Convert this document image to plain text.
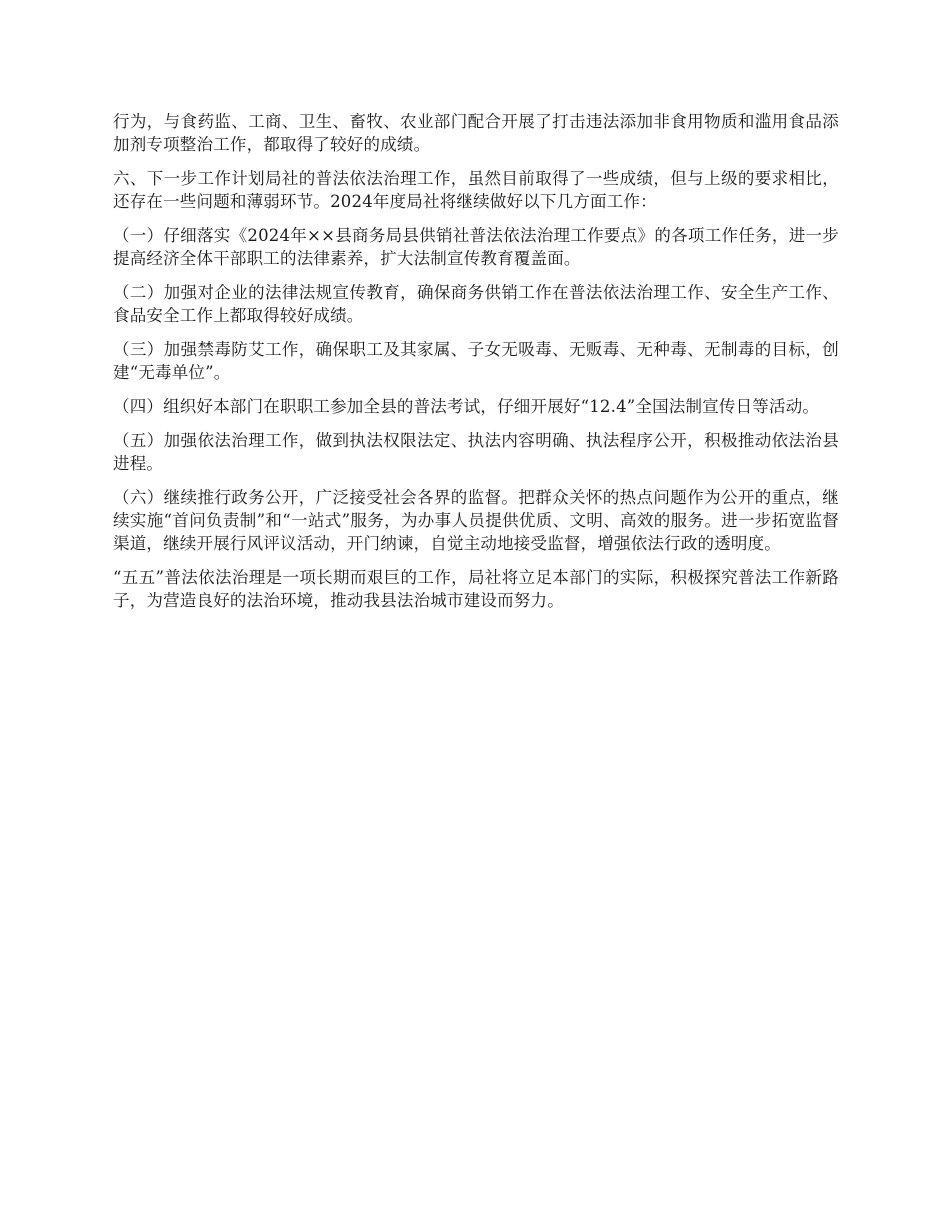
行为，与食药监、工商、卫生、畜牧、农业部门配合开展了打击违法添加非食用物质和滥用食品添加剂专项整治工作，都取得了较好的成绩。

六、下一步工作计划局社的普法依法治理工作，虽然目前取得了一些成绩，但与上级的要求相比，还存在一些问题和薄弱环节。2024年度局社将继续做好以下几方面工作：

（一）仔细落实《2024年××县商务局县供销社普法依法治理工作要点》的各项工作任务，进一步提高经济全体干部职工的法律素养，扩大法制宣传教育覆盖面。

（二）加强对企业的法律法规宣传教育，确保商务供销工作在普法依法治理工作、安全生产工作、食品安全工作上都取得较好成绩。

（三）加强禁毒防艾工作，确保职工及其家属、子女无吸毒、无贩毒、无种毒、无制毒的目标，创建“无毒单位”。

（四）组织好本部门在职职工参加全县的普法考试，仔细开展好“12.4”全国法制宣传日等活动。

（五）加强依法治理工作，做到执法权限法定、执法内容明确、执法程序公开，积极推动依法治县进程。

（六）继续推行政务公开，广泛接受社会各界的监督。把群众关怀的热点问题作为公开的重点，继续实施“首问负责制”和“一站式”服务，为办事人员提供优质、文明、高效的服务。进一步拓宽监督渠道，继续开展行风评议活动，开门纳谏，自觉主动地接受监督，增强依法行政的透明度。

“五五”普法依法治理是一项长期而艰巨的工作，局社将立足本部门的实际，积极探究普法工作新路子，为营造良好的法治环境，推动我县法治城市建设而努力。
